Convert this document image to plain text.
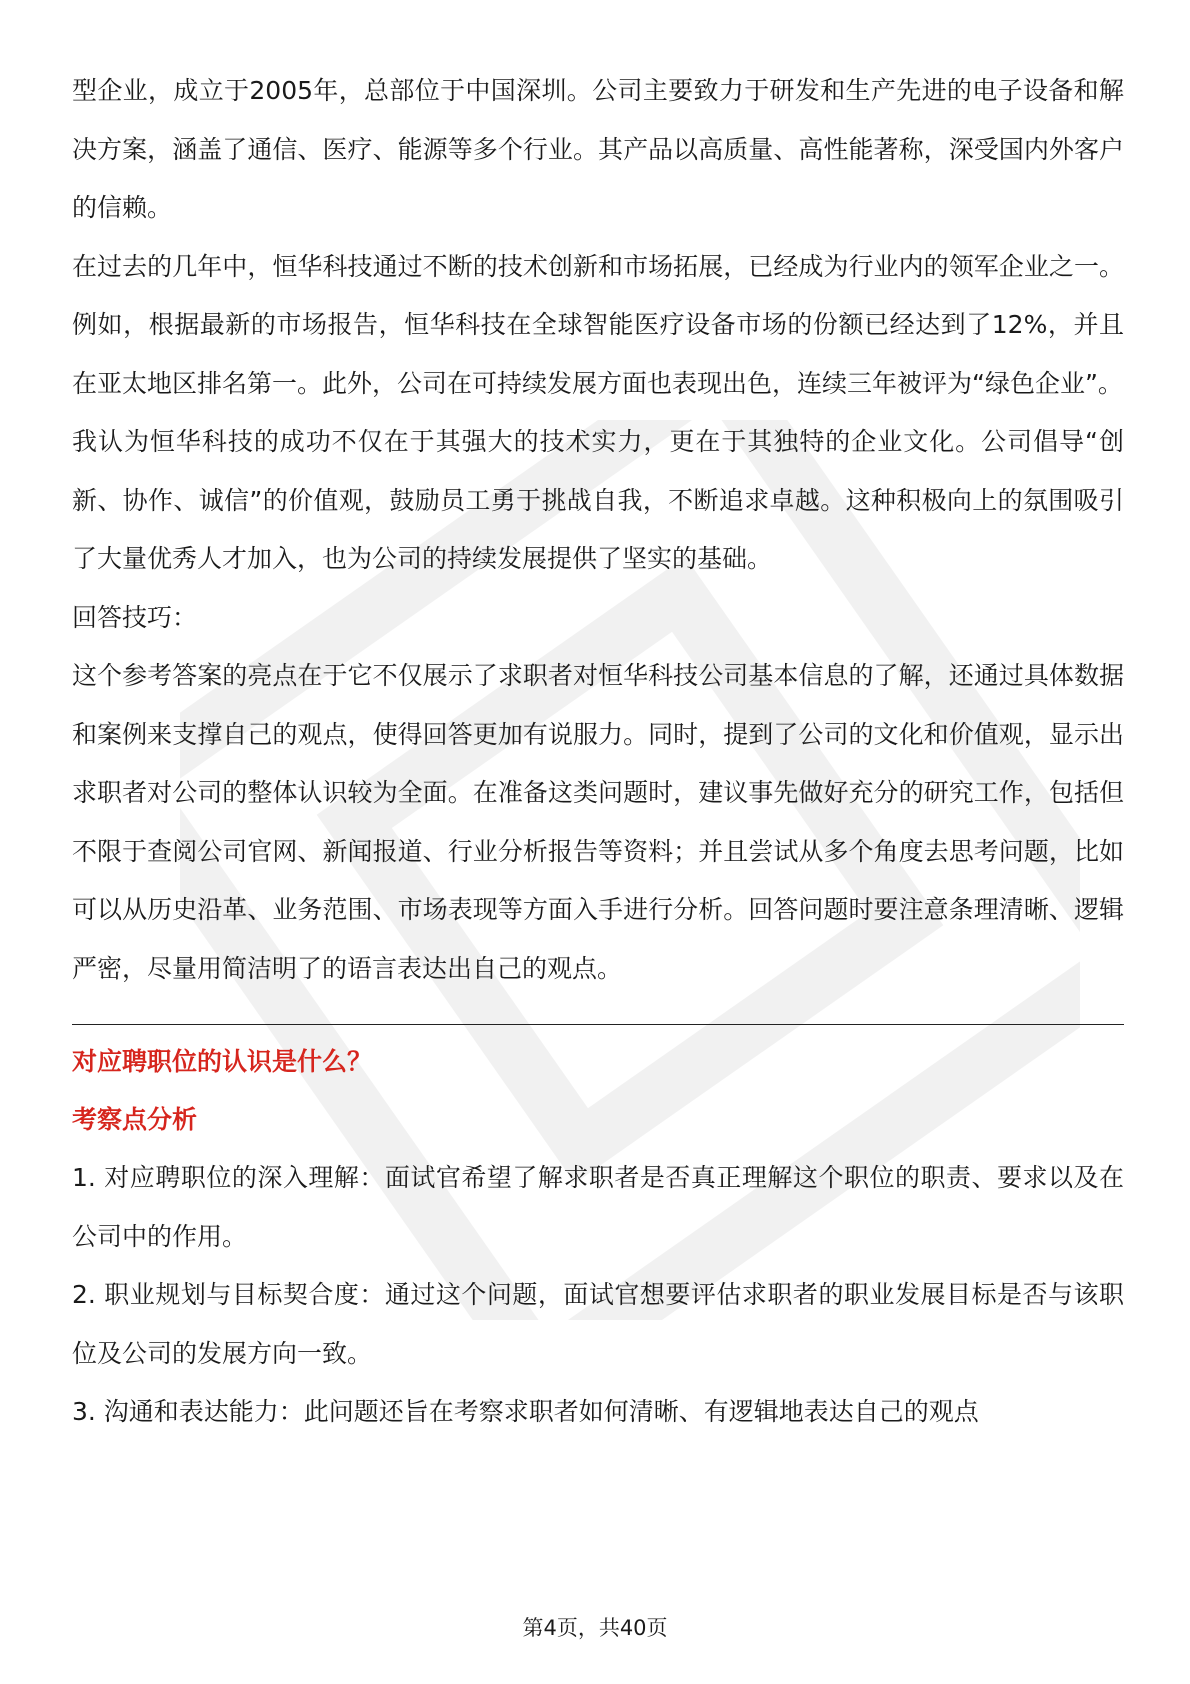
型企业，成立于2005年，总部位于中国深圳。公司主要致力于研发和生产先进的电子设备和解决方案，涵盖了通信、医疗、能源等多个行业。其产品以高质量、高性能著称，深受国内外客户的信赖。

在过去的几年中，恒华科技通过不断的技术创新和市场拓展，已经成为行业内的领军企业之一。例如，根据最新的市场报告，恒华科技在全球智能医疗设备市场的份额已经达到了12%，并且在亚太地区排名第一。此外，公司在可持续发展方面也表现出色，连续三年被评为“绿色企业”。

我认为恒华科技的成功不仅在于其强大的技术实力，更在于其独特的企业文化。公司倡导“创新、协作、诚信”的价值观，鼓励员工勇于挑战自我，不断追求卓越。这种积极向上的氛围吸引了大量优秀人才加入，也为公司的持续发展提供了坚实的基础。

回答技巧：

这个参考答案的亮点在于它不仅展示了求职者对恒华科技公司基本信息的了解，还通过具体数据和案例来支撑自己的观点，使得回答更加有说服力。同时，提到了公司的文化和价值观，显示出求职者对公司的整体认识较为全面。在准备这类问题时，建议事先做好充分的研究工作，包括但不限于查阅公司官网、新闻报道、行业分析报告等资料；并且尝试从多个角度去思考问题，比如可以从历史沿革、业务范围、市场表现等方面入手进行分析。回答问题时要注意条理清晰、逻辑严密，尽量用简洁明了的语言表达出自己的观点。

对应聘职位的认识是什么？
考察点分析

1. 对应聘职位的深入理解：面试官希望了解求职者是否真正理解这个职位的职责、要求以及在公司中的作用。

2. 职业规划与目标契合度：通过这个问题，面试官想要评估求职者的职业发展目标是否与该职位及公司的发展方向一致。

3. 沟通和表达能力：此问题还旨在考察求职者如何清晰、有逻辑地表达自己的观点

第4页，共40页
